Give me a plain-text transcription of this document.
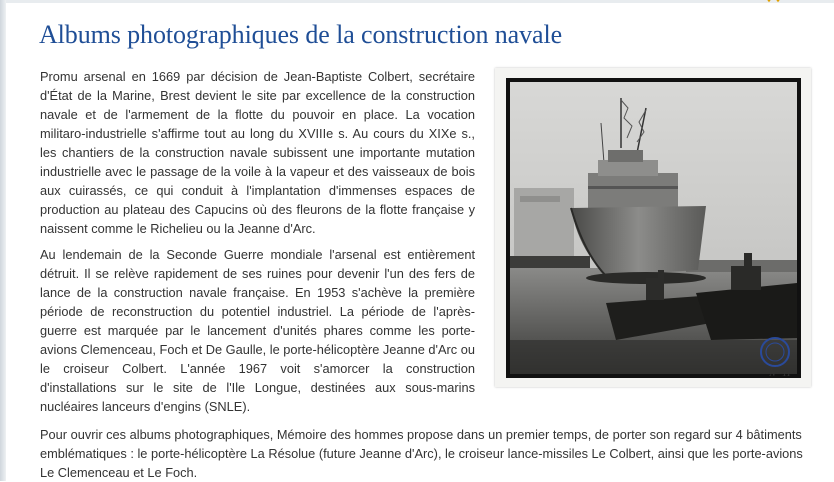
Albums photographiques de la construction navale

Promu arsenal en 1669 par décision de Jean-Baptiste Colbert, secrétaire d'État de la Marine, Brest devient le site par excellence de la construction navale et de l'armement de la flotte du pouvoir en place. La vocation militaro-industrielle s'affirme tout au long du XVIIIe s. Au cours du XIXe s., les chantiers de la construction navale subissent une importante mutation industrielle avec le passage de la voile à la vapeur et des vaisseaux de bois aux cuirassés, ce qui conduit à l'implantation d'immenses espaces de production au plateau des Capucins où des fleurons de la flotte française y naissent comme le Richelieu ou la Jeanne d'Arc.

Au lendemain de la Seconde Guerre mondiale l'arsenal est entièrement détruit. Il se relève rapidement de ses ruines pour devenir l'un des fers de lance de la construction navale française. En 1953 s'achève la première période de reconstruction du potentiel industriel. La période de l'après-guerre est marquée par le lancement d'unités phares comme les porte-avions Clemenceau, Foch et De Gaulle, le porte-hélicoptère Jeanne d'Arc ou le croiseur Colbert. L'année 1967 voit s'amorcer la construction d'installations sur le site de l'Ile Longue, destinées aux sous-marins nucléaires lanceurs d'engins (SNLE).

Pour ouvrir ces albums photographiques, Mémoire des hommes propose dans un premier temps, de porter son regard sur 4 bâtiments emblématiques : le porte-hélicoptère La Résolue (future Jeanne d'Arc), le croiseur lance-missiles Le Colbert, ainsi que les porte-avions Le Clemenceau et Le Foch.

N° 11
